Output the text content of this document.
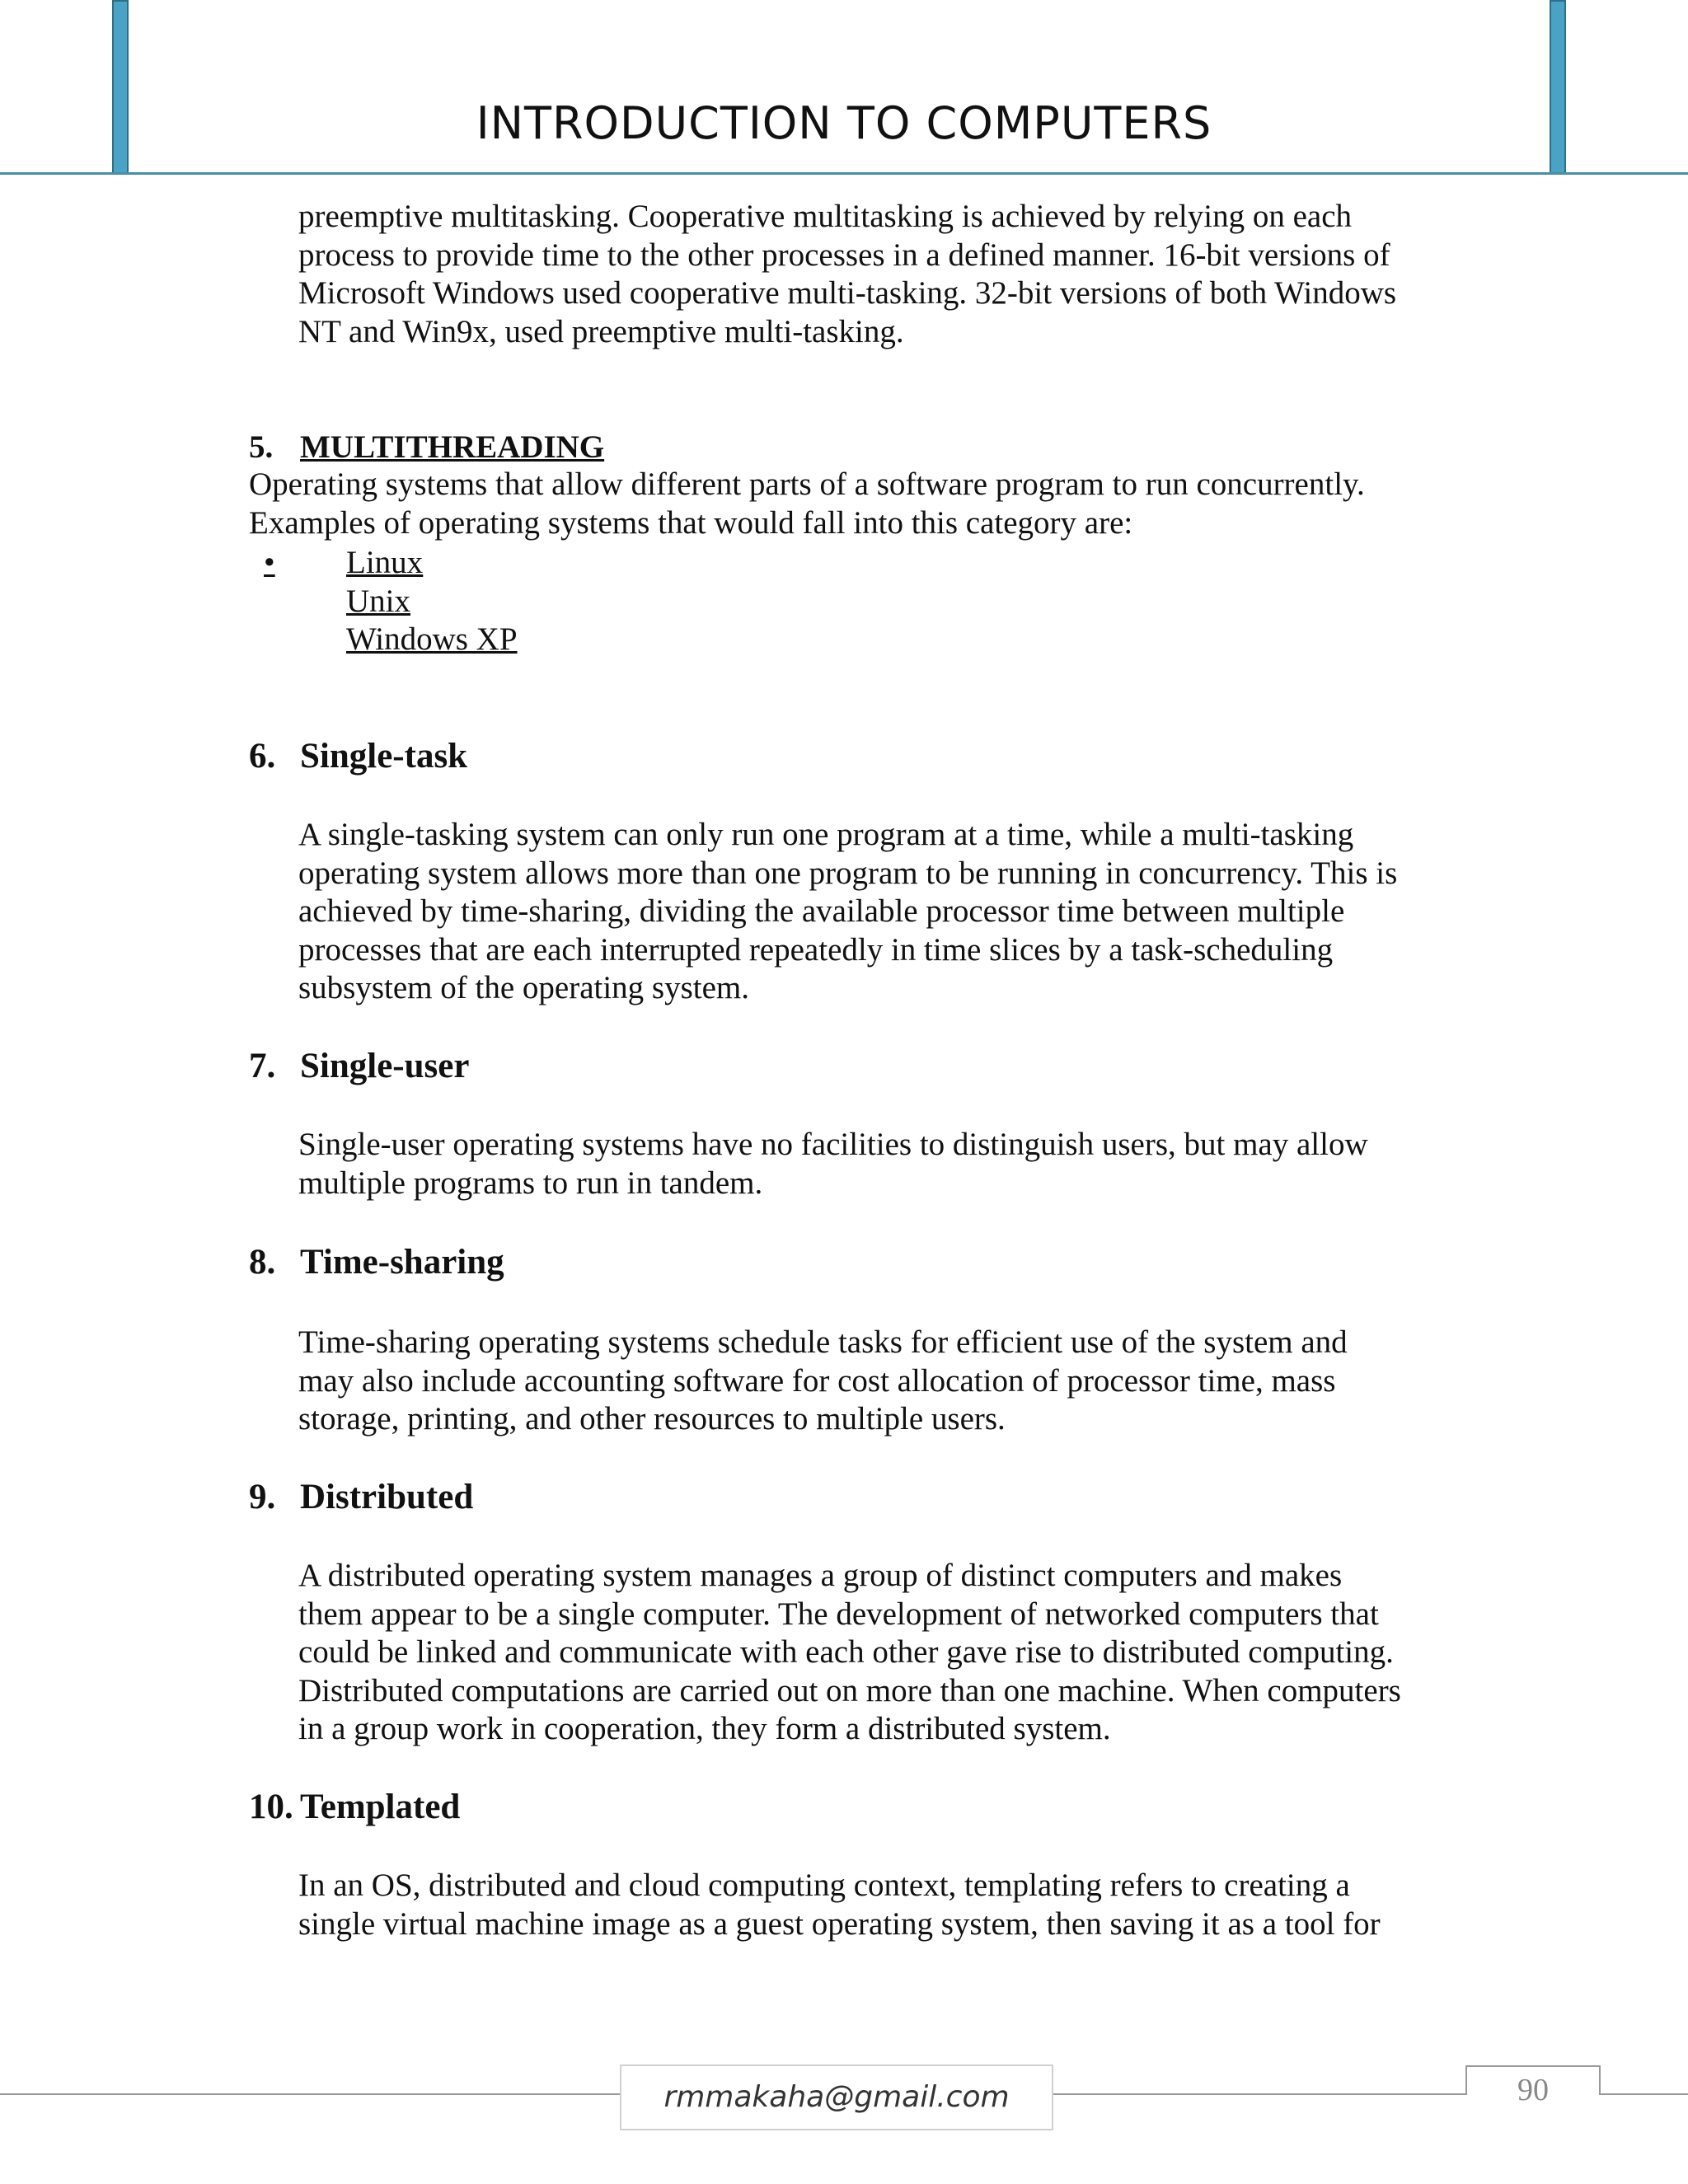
INTRODUCTION TO COMPUTERS
preemptive multitasking. Cooperative multitasking is achieved by relying on each
process to provide time to the other processes in a defined manner. 16-bit versions of
Microsoft Windows used cooperative multi-tasking. 32-bit versions of both Windows
NT and Win9x, used preemptive multi-tasking.
5. MULTITHREADING
Operating systems that allow different parts of a software program to run concurrently.
Examples of operating systems that would fall into this category are:
• Linux
Unix
Windows XP
6. Single-task
A single-tasking system can only run one program at a time, while a multi-tasking
operating system allows more than one program to be running in concurrency. This is
achieved by time-sharing, dividing the available processor time between multiple
processes that are each interrupted repeatedly in time slices by a task-scheduling
subsystem of the operating system.
7. Single-user
Single-user operating systems have no facilities to distinguish users, but may allow
multiple programs to run in tandem.
8. Time-sharing
Time-sharing operating systems schedule tasks for efficient use of the system and
may also include accounting software for cost allocation of processor time, mass
storage, printing, and other resources to multiple users.
9. Distributed
A distributed operating system manages a group of distinct computers and makes
them appear to be a single computer. The development of networked computers that
could be linked and communicate with each other gave rise to distributed computing.
Distributed computations are carried out on more than one machine. When computers
in a group work in cooperation, they form a distributed system.
10. Templated
In an OS, distributed and cloud computing context, templating refers to creating a
single virtual machine image as a guest operating system, then saving it as a tool for
rmmakaha@gmail.com	90
